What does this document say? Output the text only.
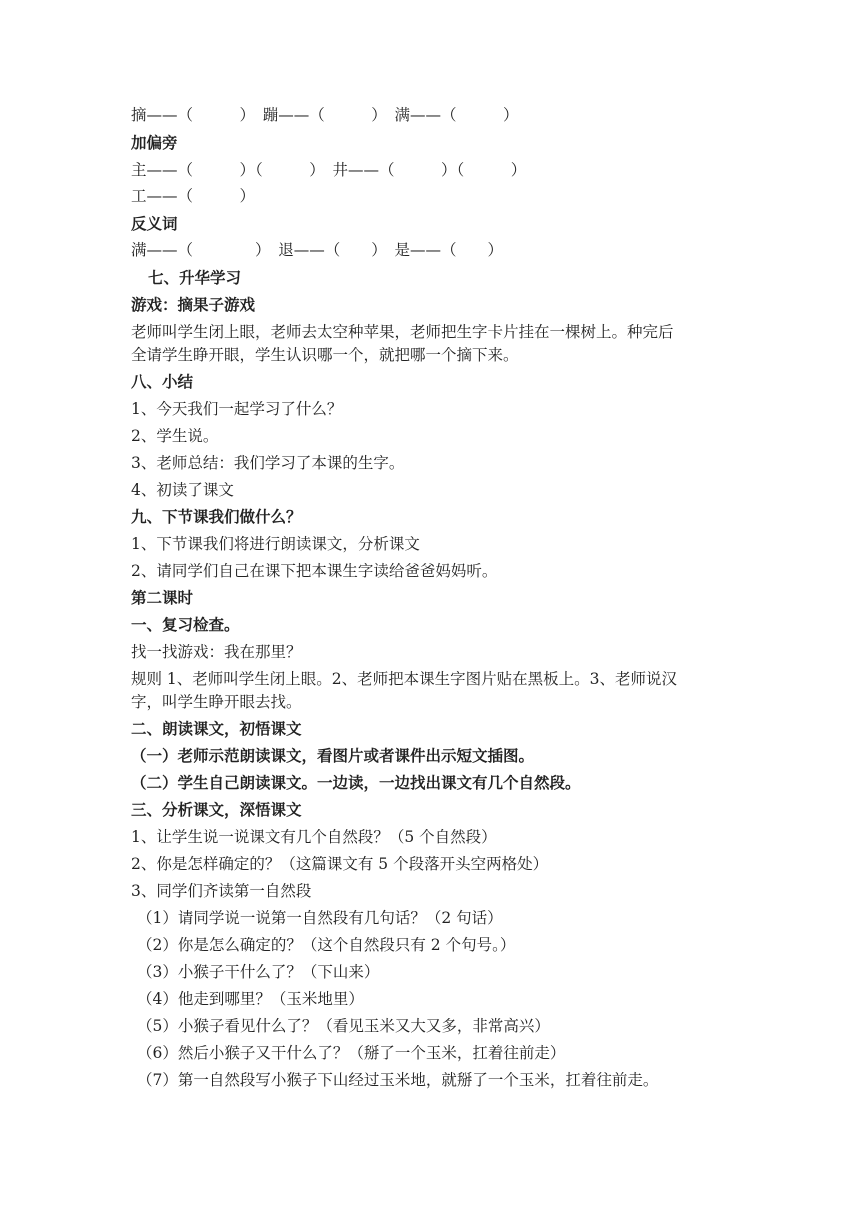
摘——（　　　）　蹦——（　　　）　满——（　　　）
加偏旁
主——（　　　）（　　　）　井——（　　　）（　　　）
工——（　　　）
反义词
满——（　　　　）　退——（　　）　是——（　　）
七、升华学习
游戏：摘果子游戏
老师叫学生闭上眼，老师去太空种苹果，老师把生字卡片挂在一棵树上。种完后
全请学生睁开眼，学生认识哪一个，就把哪一个摘下来。
八、小结
1、今天我们一起学习了什么？
2、学生说。
3、老师总结：我们学习了本课的生字。
4、初读了课文
九、下节课我们做什么？
1、下节课我们将进行朗读课文，分析课文
2、请同学们自己在课下把本课生字读给爸爸妈妈听。
第二课时
一、复习检查。
找一找游戏：我在那里？
规则 1、老师叫学生闭上眼。2、老师把本课生字图片贴在黑板上。3、老师说汉
字，叫学生睁开眼去找。
二、朗读课文，初悟课文
（一）老师示范朗读课文，看图片或者课件出示短文插图。
（二）学生自己朗读课文。一边读，一边找出课文有几个自然段。
三、分析课文，深悟课文
1、让学生说一说课文有几个自然段？（5 个自然段）
2、你是怎样确定的？（这篇课文有 5 个段落开头空两格处）
3、同学们齐读第一自然段
（1）请同学说一说第一自然段有几句话？（2 句话）
（2）你是怎么确定的？（这个自然段只有 2 个句号。）
（3）小猴子干什么了？（下山来）
（4）他走到哪里？（玉米地里）
（5）小猴子看见什么了？（看见玉米又大又多，非常高兴）
（6）然后小猴子又干什么了？（掰了一个玉米，扛着往前走）
（7）第一自然段写小猴子下山经过玉米地，就掰了一个玉米，扛着往前走。
